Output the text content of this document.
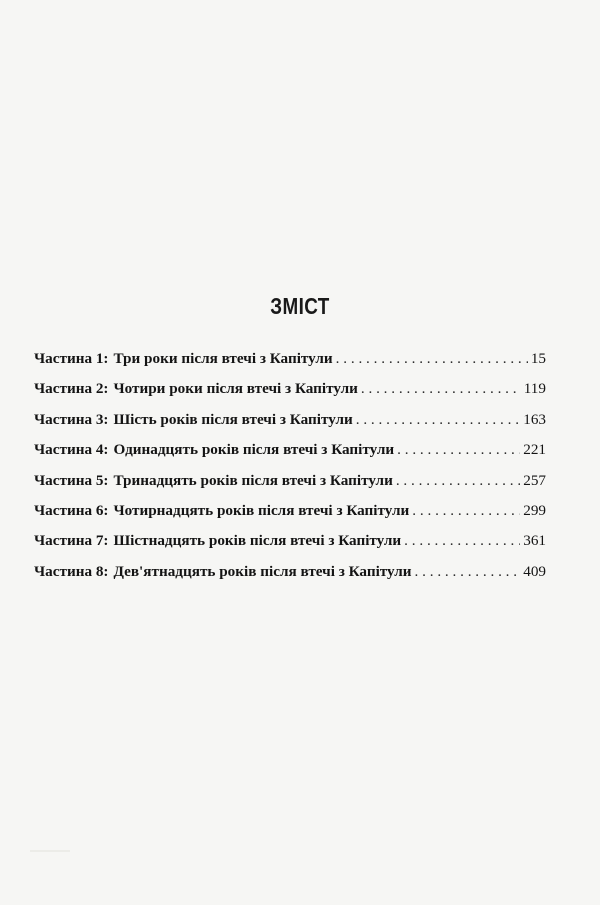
ЗМІСТ
Частина 1: Три роки після втечі з Капітули . . .	15
Частина 2: Чотири роки після втечі з Капітули . . .	119
Частина 3: Шість років після втечі з Капітули . . .	163
Частина 4: Одинадцять років після втечі з Капітули . . .	221
Частина 5: Тринадцять років після втечі з Капітули . . .	257
Частина 6: Чотирнадцять років після втечі з Капітули . . .	299
Частина 7: Шістнадцять років після втечі з Капітули . . .	361
Частина 8: Дев'ятнадцять років після втечі з Капітули . . .	409
